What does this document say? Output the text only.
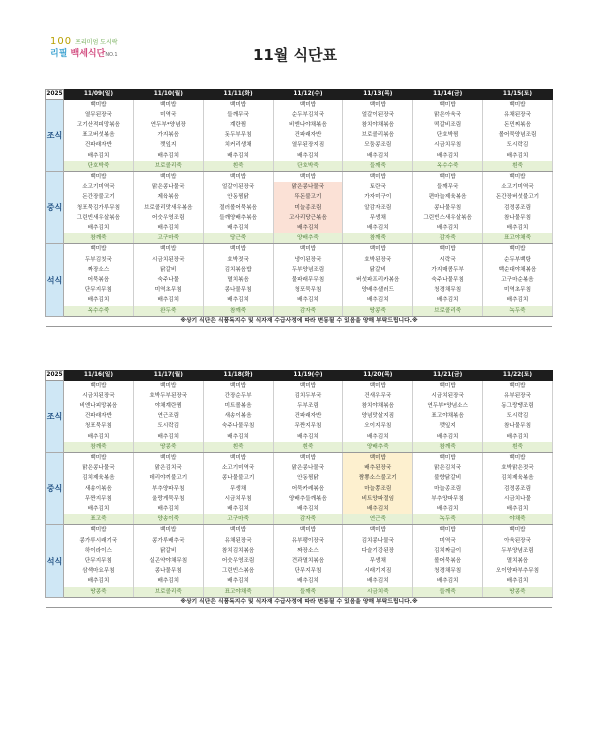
100 프리미엄 도시락
리필 백세식단NO.1	11월 식단표
2025	11/09(일)	11/10(월)	11/11(화)	11/12(수)	11/13(목)	11/14(금)	11/15(토)
조식	백미밥	백미밥	백미밥	백미밥	백미밥	백미밥	백미밥
	열무된장국	미역국	들깨무국	순두부김치국	얼갈이된장국	맑은아욱국	유채된장국
	고기산적피망볶음	연두부*양념장	계란찜	비엔나야채볶음	참치야채볶음	떡갈비조림	돈민찌볶음
	표고버섯볶음	가지볶음	돗두부무침	건파래자반	브로콜리볶음	단호박찜	볼어묵양념조림
	건파래자반	깻잎지	치커리생채	열무된장지짐	모둠콩조림	시금치무침	도시락김
	배추김치	배추김치	배추김치	배추김치	배추김치	배추김치	배추김치
	단호박죽	브로콜리죽	흰죽	단호박죽	들깨죽	옥수수죽	흰죽
중식	백미밥	백미밥	백미밥	백미밥	백미밥	백미밥	백미밥
	소고기미역국	맑은콩나물국	얼갈이된장국	맑은콩나물국	토란국	들깨무국	소고기미역국
	돈간장불고기	제육볶음	안동찜닭	뚜돈불고기	가자미구이	편마늘제육볶음	돈간장버섯불고기
	청포묵김가루무침	브로콜리맛새우볶음	절러볼어묵볶음	미늘종조림	알감자조림	콩나물무침	검정콩조림
	그린빈새우살볶음	어숫우영조림	들깨양배추볶음	고사리당근볶음	무생채	그린빈스새우살볶음	참나물무침
	배추김치	배추김치	배추김치	배추김치	배추김치	배추김치	배추김치
	참깨죽	고구마죽	당근죽	양배추죽	참깨죽	감자죽	표고야채죽
석식	백미밥	백미밥	백미밥	백미밥	백미밥	백미밥	백미밥
	두부김칫국	시금치된장국	호박젓국	냉이된장국	호박된장국	시락국	순두부백탕
	짜장소스	닭갈비	김치볶음밥	두부양념조림	닭갈비	가지매콤두부	백순대야채볶음
	어묵볶음	숙주나물	멸치볶음	물파래무무침	버섯파프리카볶음	숙주나물무침	고구마순볶음
	단무지무침	미역초무침	콩나물무침	청포묵무침	양배추샐러드	청경채무침	미역초무침
	배추김치	배추김치	배추김치	배추김치	배추김치	배추김치	배추김치
	옥수수죽	완두죽	참깨죽	감자죽	땅콩죽	브로콜리죽	녹두죽
※상기 식단은 식품독지수 및 식자재 수급사정에 따라 변동될 수 있음을 양해 부탁드립니다.※							
2025	11/16(일)	11/17(월)	11/18(화)	11/19(수)	11/20(목)	11/21(금)	11/22(토)
조식	백미밥	백미밥	백미밥	백미밥	백미밥	백미밥	백미밥
	시금치된장국	호박두부된장국	간장순두부	김치두부국	건새우무국	시금치된장국	유부된장국
	비엔나피망볶음	야채계란찜	미트볼볶음	두부조림	참치야채볶음	연두부*양념소스	동그랑땡조림
	건파래자반	연근조림	새송이볶음	건파래자반	양념맛살지짐	표고야채볶음	도시락김
	청포묵무침	도시락김	숙주나물무침	무짠지무침	오이지무침	깻잎지	참나물무침
	배추김치	배추김치	배추김치	배추김치	배추김치	배추김치	배추김치
	참깨죽	땅콩죽	흰죽	흰죽	양배추죽	참깨죽	흰죽
중식	백미밥	백미밥	백미밥	백미밥	백미밥	백미밥	백미밥
	맑은콩나물국	맑은김치국	소고기미역국	맑은콩나물국	배추된장국	맑은김치국	호박맑은젓국
	김치제육볶음	데리야끼불고기	콩나물불고기	안동찜닭	짬뽕소스불고기	불향닭갈비	김치제육볶음
	새송이볶음	부추양파무침	무생채	어묵카레볶음	마늘쫑조림	마늘종조림	검정콩조림
	무짠지무침	울랑게묵무침	시금치무침	양배추들깨볶음	비트양파절임	부추양파무침	시금치나물
	배추김치	배추김치	배추김치	배추김치	배추김치	배추김치	배추김치
	표고죽	양송이죽	고구마죽	감자죽	연근죽	녹두죽	야채죽
석식	백미밥	백미밥	백미밥	백미밥	백미밥	백미밥	백미밥
	콩가루시래기국	콩가루배추국	유채된장국	유부팽이장국	김치콩나물국	미역국	아욱된장국
	하이라이스	닭갈비	참치김치볶음	짜장소스	다슬기강된장	김치짜글이	두부양념조림
	단무지무침	실곤약야채무침	어숫우영조림	견과멸치볶음	무생채	볼어묵볶음	멸치볶음
	삼색마요무침	콩나물무침	그린빈스볶음	단무지무침	시래기지짐	청경채무침	오이양파부추무침
	배추김치	배추김치	배추김치	배추김치	배추김치	배추김치	배추김치
	땅콩죽	브로콜리죽	표고야채죽	들깨죽	시금치죽	들깨죽	땅콩죽
※상기 식단은 식품독지수 및 식자재 수급사정에 따라 변동될 수 있음을 양해 부탁드립니다.※							
